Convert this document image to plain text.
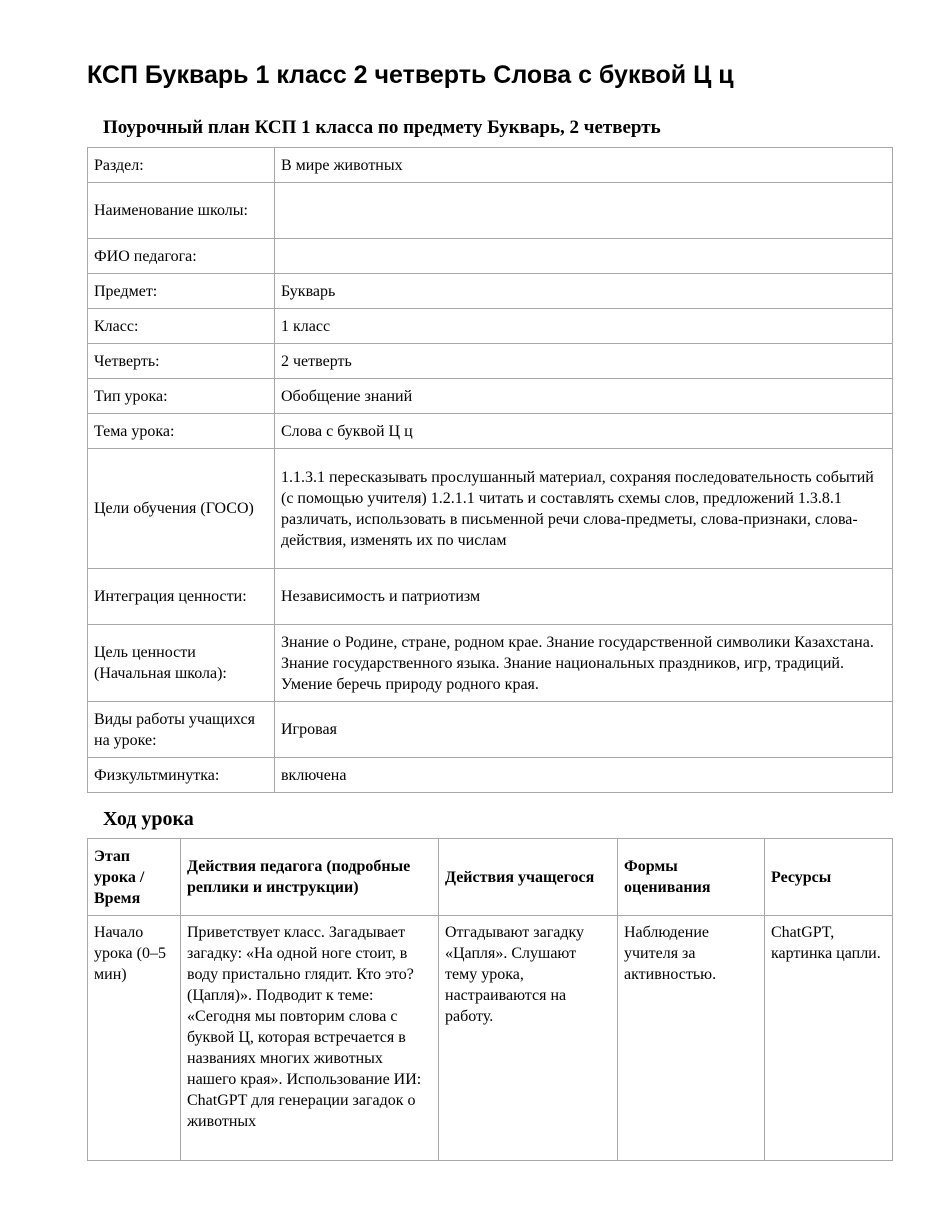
КСП Букварь 1 класс 2 четверть Слова с буквой Ц ц
Поурочный план КСП 1 класса по предмету Букварь, 2 четверть
Раздел:	В мире животных
Наименование школы:	
ФИО педагога:	
Предмет:	Букварь
Класс:	1 класс
Четверть:	2 четверть
Тип урока:	Обобщение знаний
Тема урока:	Слова с буквой Ц ц
Цели обучения (ГОСО)	1.1.3.1 пересказывать прослушанный материал, сохраняя последовательность событий (с помощью учителя) 1.2.1.1 читать и составлять схемы слов, предложений 1.3.8.1 различать, использовать в письменной речи слова-предметы, слова-признаки, слова-действия, изменять их по числам
Интеграция ценности:	Независимость и патриотизм
Цель ценности (Начальная школа):	Знание о Родине, стране, родном крае. Знание государственной символики Казахстана. Знание государственного языка. Знание национальных праздников, игр, традиций. Умение беречь природу родного края.
Виды работы учащихся на уроке:	Игровая
Физкультминутка:	включена
Ход урока
Этап урока / Время	Действия педагога (подробные реплики и инструкции)	Действия учащегося	Формы оценивания	Ресурсы
Начало урока (0–5 мин)	Приветствует класс. Загадывает загадку: «На одной ноге стоит, в воду пристально глядит. Кто это? (Цапля)». Подводит к теме: «Сегодня мы повторим слова с буквой Ц, которая встречается в названиях многих животных нашего края». Использование ИИ: ChatGPT для генерации загадок о животных	Отгадывают загадку «Цапля». Слушают тему урока, настраиваются на работу.	Наблюдение учителя за активностью.	ChatGPT, картинка цапли.
